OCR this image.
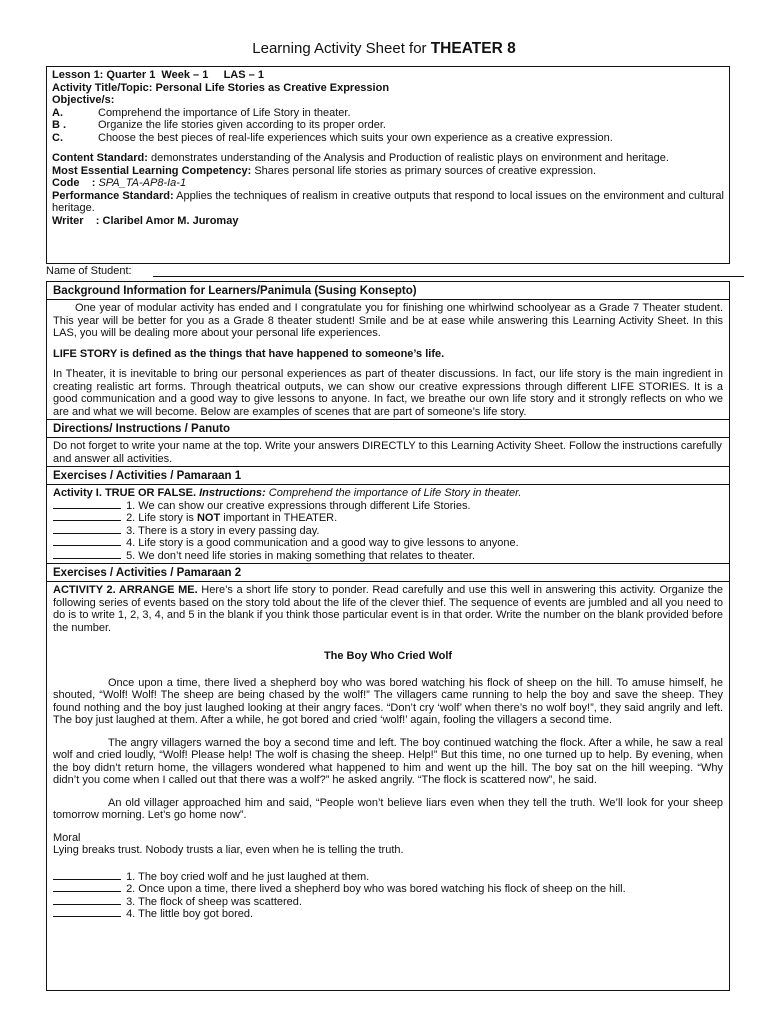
Learning Activity Sheet for THEATER 8
Lesson 1: Quarter 1  Week – 1     LAS – 1
Activity Title/Topic: Personal Life Stories as Creative Expression
Objective/s:
A.	Comprehend the importance of Life Story in theater.
B .	Organize the life stories given according to its proper order.
C.	Choose the best pieces of real-life experiences which suits your own experience as a creative expression.
Content Standard: demonstrates understanding of the Analysis and Production of realistic plays on environment and heritage.
Most Essential Learning Competency: Shares personal life stories as primary sources of creative expression.
Code    : SPA_TA-AP8-Ia-1
Performance Standard: Applies the techniques of realism in creative outputs that respond to local issues on the environment and cultural heritage.
Writer    : Claribel Amor M. Juromay
Name of Student:
Background Information for Learners/Panimula (Susing Konsepto)
One year of modular activity has ended and I congratulate you for finishing one whirlwind schoolyear as a Grade 7 Theater student. This year will be better for you as a Grade 8 theater student! Smile and be at ease while answering this Learning Activity Sheet. In this LAS, you will be dealing more about your personal life experiences.
LIFE STORY is defined as the things that have happened to someone’s life.
In Theater, it is inevitable to bring our personal experiences as part of theater discussions. In fact, our life story is the main ingredient in creating realistic art forms. Through theatrical outputs, we can show our creative expressions through different LIFE STORIES. It is a good communication and a good way to give lessons to anyone. In fact, we breathe our own life story and it strongly reflects on who we are and what we will become. Below are examples of scenes that are part of someone’s life story.
Directions/ Instructions / Panuto
Do not forget to write your name at the top. Write your answers DIRECTLY to this Learning Activity Sheet. Follow the instructions carefully and answer all activities.
Exercises / Activities / Pamaraan 1
Activity I. TRUE OR FALSE. Instructions: Comprehend the importance of Life Story in theater.
1. We can show our creative expressions through different Life Stories.
2. Life story is NOT important in THEATER.
3. There is a story in every passing day.
4. Life story is a good communication and a good way to give lessons to anyone.
5. We don’t need life stories in making something that relates to theater.
Exercises / Activities / Pamaraan 2
ACTIVITY 2. ARRANGE ME. Here’s a short life story to ponder. Read carefully and use this well in answering this activity. Organize the following series of events based on the story told about the life of the clever thief. The sequence of events are jumbled and all you need to do is to write 1, 2, 3, 4, and 5 in the blank if you think those particular event is in that order. Write the number on the blank provided before the number.
The Boy Who Cried Wolf
Once upon a time, there lived a shepherd boy who was bored watching his flock of sheep on the hill. To amuse himself, he shouted, “Wolf! Wolf! The sheep are being chased by the wolf!” The villagers came running to help the boy and save the sheep. They found nothing and the boy just laughed looking at their angry faces. “Don’t cry ‘wolf’ when there’s no wolf boy!”, they said angrily and left. The boy just laughed at them. After a while, he got bored and cried ‘wolf!’ again, fooling the villagers a second time.
The angry villagers warned the boy a second time and left. The boy continued watching the flock. After a while, he saw a real wolf and cried loudly, “Wolf! Please help! The wolf is chasing the sheep. Help!” But this time, no one turned up to help. By evening, when the boy didn’t return home, the villagers wondered what happened to him and went up the hill. The boy sat on the hill weeping. “Why didn’t you come when I called out that there was a wolf?” he asked angrily. “The flock is scattered now”, he said.
An old villager approached him and said, “People won’t believe liars even when they tell the truth. We’ll look for your sheep tomorrow morning. Let’s go home now”.
Moral
Lying breaks trust. Nobody trusts a liar, even when he is telling the truth.
1. The boy cried wolf and he just laughed at them.
2. Once upon a time, there lived a shepherd boy who was bored watching his flock of sheep on the hill.
3. The flock of sheep was scattered.
4. The little boy got bored.
